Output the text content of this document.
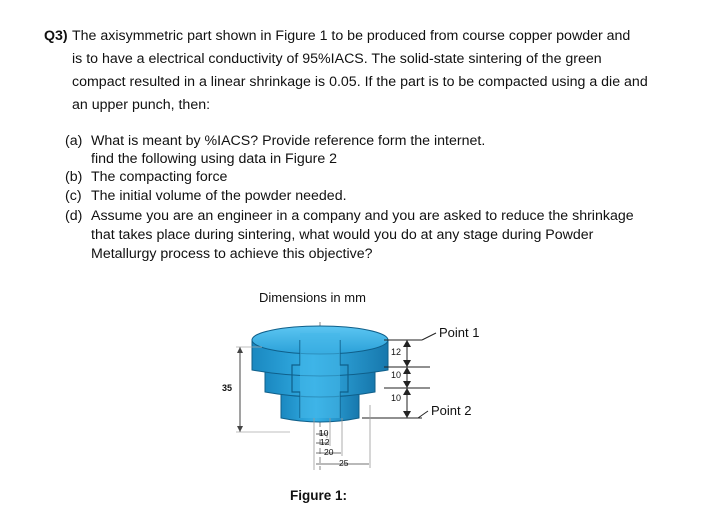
Q3) The axisymmetric part shown in Figure 1 to be produced from course copper powder and
is to have a electrical conductivity of 95%IACS. The solid-state sintering of the green
compact resulted in a linear shrinkage is 0.05. If the part is to be compacted using a die and
an upper punch, then:
(a) What is meant by %IACS? Provide reference form the internet.
find the following using data in Figure 2
(b) The compacting force
(c) The initial volume of the powder needed.
(d) Assume you are an engineer in a company and you are asked to reduce the shrinkage
that takes place during sintering, what would you do at any stage during Powder
Metallurgy process to achieve this objective?
Dimensions in mm
12
10
10
35
10
12
20
25
Point 1
Point 2
Figure 1:
